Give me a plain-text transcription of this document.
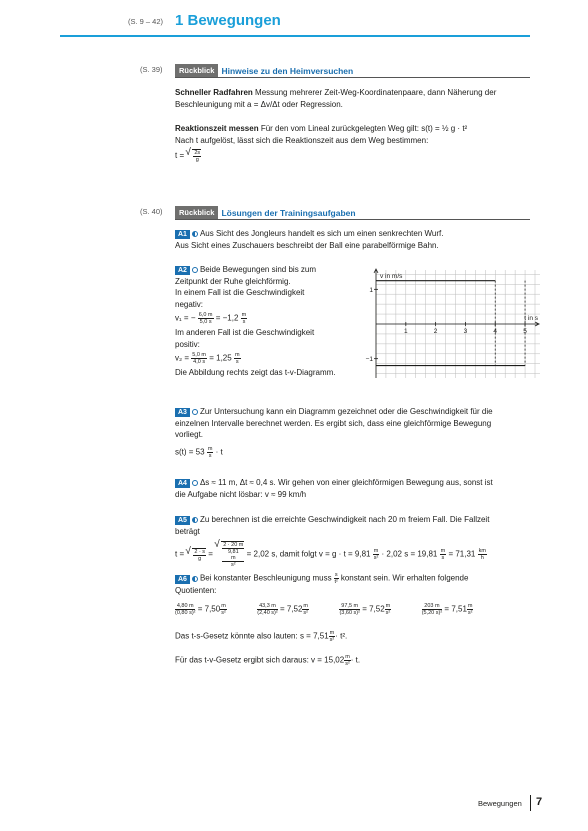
(S. 9 – 42) 1 Bewegungen
(S. 39)	Rückblick Hinweise zu den Heimversuchen
Schneller Radfahren Messung mehrerer Zeit-Weg-Koordinatenpaare, dann Näherung der
Beschleunigung mit a = Δv/Δt oder Regression.
Reaktionszeit messen Für den vom Lineal zurückgelegten Weg gilt: s(t) = ½ g · t²
Nach t aufgelöst, lässt sich die Reaktionszeit aus dem Weg bestimmen:
t = √ $\frac{2s}{g}$
(S. 40)	Rückblick Lösungen der Trainingsaufgaben
A1 Aus Sicht des Jongleurs handelt es sich um einen senkrechten Wurf.
Aus Sicht eines Zuschauers beschreibt der Ball eine parabelförmige Bahn.
A2 Beide Bewegungen sind bis zum
Zeitpunkt der Ruhe gleichförmig.
In einem Fall ist die Geschwindigkeit
negativ:
v₁ = − $\frac{6,0 m}{5,0 s} = -1,2 \frac{m}{s}$

Im anderen Fall ist die Geschwindigkeit
positiv:
$v_2 = \frac{5,0 m}{4,0 s} = 1,25 \frac{m}{s}$

Die Abbildung rechts zeigt das t-v-Diagramm.
1	2	3	4	5
1
−1
v in m/s
t in s
A3 Zur Untersuchung kann ein Diagramm gezeichnet oder die Geschwindigkeit für die
einzelnen Intervalle berechnet werden. Es ergibt sich, dass eine gleichförmige Bewegung
vorliegt.
$s(t) = 53 \frac{m}{s} \cdot t$
A4 Δs ≈ 11 m, Δt ≈ 0,4 s. Wir gehen von einer gleichförmigen Bewegung aus, sonst ist
die Aufgabe nicht lösbar: v ≈ 99 km/h
A5 Zu berechnen ist die erreichte Geschwindigkeit nach 20 m freiem Fall. Die Fallzeit
beträgt
t = √ $\frac{2 \cdot s}{g}$ = √ 2 · 20 m
9,81
m
s² = 2,02 s, damit folgt $v = g \cdot t = 9,81 \frac{m}{\text{s²}} \cdot 2,02$ $s = 19,81 \frac{m}{s} = 71,31 \frac{km}{h}$
A6 Bei konstanter Beschleunigung muss $\frac{s}{\text{t²}}$ konstant sein. Wir erhalten folgende
Quotienten:
$\frac{4,80 m}{\text{(0,80 s)²}} = 7,50 \frac{m}{\text{s²}}$
	$\frac{43,3 m}{\text{(2,40 s)²}} = 7,52 \frac{m}{\text{s²}}$
	$\frac{97,5 m}{\text{(3,60 s)²}} = 7,52 \frac{m}{\text{s²}}$
	$\frac{203 m}{\text{(5,20 s)²}} = 7,51 \frac{m}{\text{s²}}$
Das t-s-Gesetz könnte also lauten: $s = 7,51 \frac{m}{\text{s²}} \cdot t^2$.
Für das t-v-Gesetz ergibt sich daraus: $v = 15,02 \frac{m}{\text{s²}} \cdot t$.
Bewegungen 7
